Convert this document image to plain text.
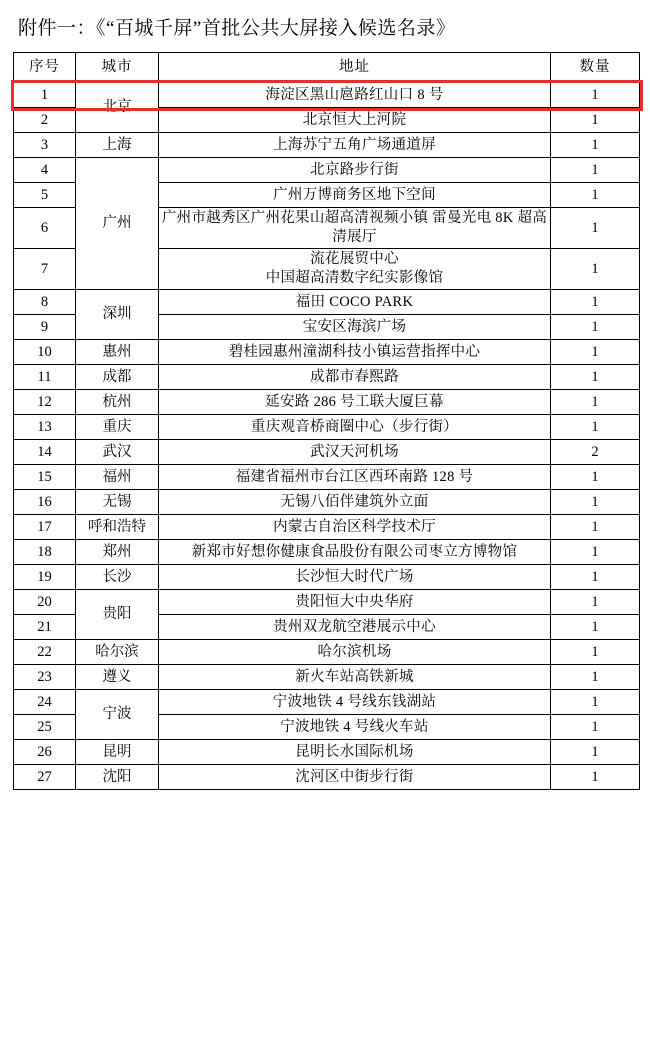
附件一：《“百城千屏”首批公共大屏接入候选名录》
序号	城市	地址	数量
1	北京	海淀区黑山扈路红山口 8 号	1
2		北京恒大上河院	1
3	上海	上海苏宁五角广场通道屏	1
4	广州	北京路步行街	1
5		广州万博商务区地下空间	1
6		广州市越秀区广州花果山超高清视频小镇 雷曼光电 8K 超高清展厅	1
7		流花展贸中心
中国超高清数字纪实影像馆	1
8	深圳	福田 COCO PARK	1
9		宝安区海滨广场	1
10	惠州	碧桂园惠州潼湖科技小镇运营指挥中心	1
11	成都	成都市春熙路	1
12	杭州	延安路 286 号工联大厦巨幕	1
13	重庆	重庆观音桥商圈中心（步行街）	1
14	武汉	武汉天河机场	2
15	福州	福建省福州市台江区西环南路 128 号	1
16	无锡	无锡八佰伴建筑外立面	1
17	呼和浩特	内蒙古自治区科学技术厅	1
18	郑州	新郑市好想你健康食品股份有限公司枣立方博物馆	1
19	长沙	长沙恒大时代广场	1
20	贵阳	贵阳恒大中央华府	1
21		贵州双龙航空港展示中心	1
22	哈尔滨	哈尔滨机场	1
23	遵义	新火车站高铁新城	1
24	宁波	宁波地铁 4 号线东钱湖站	1
25		宁波地铁 4 号线火车站	1
26	昆明	昆明长水国际机场	1
27	沈阳	沈河区中街步行街	1
